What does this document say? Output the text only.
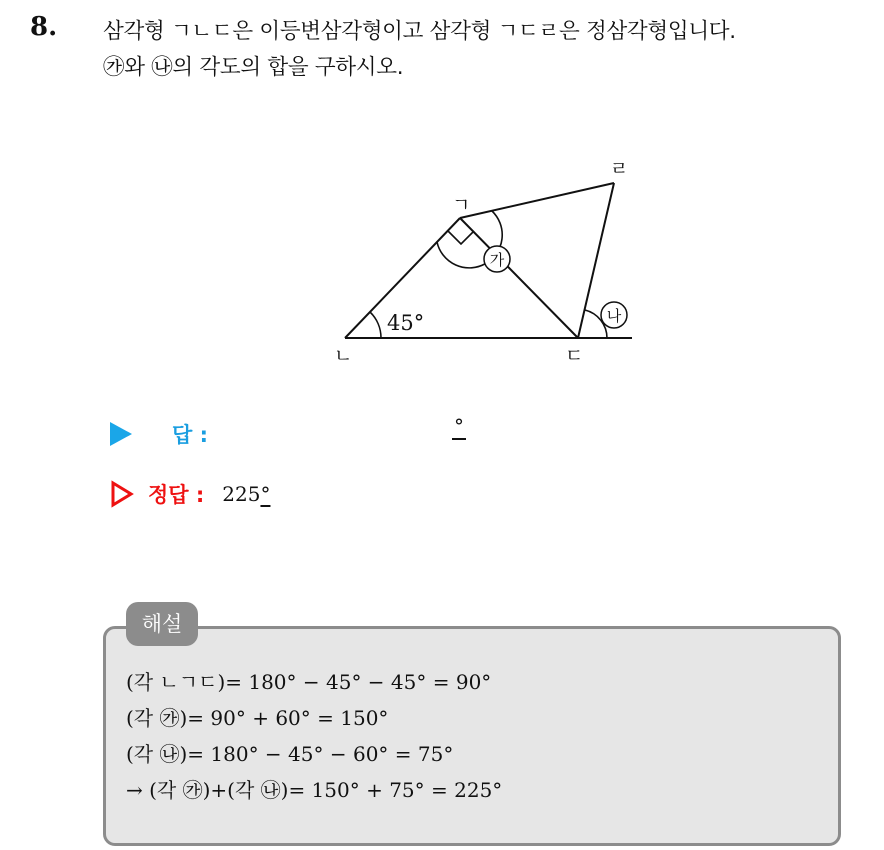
8. 삼각형 ㄱㄴㄷ은 이등변삼각형이고 삼각형 ㄱㄷㄹ은 정삼각형입니다.
㉮와 ㉯의 각도의 합을 구하시오.
가
나
45°
ㄱ
ㄴ	ㄷ
ㄹ
답 :	°
정답 : 225°
해설
(각 ㄴㄱㄷ)= 180° − 45° − 45° = 90°
(각 ㉮)= 90° + 60° = 150°
(각 ㉯)= 180° − 45° − 60° = 75°
→ (각 ㉮)+(각 ㉯)= 150° + 75° = 225°
